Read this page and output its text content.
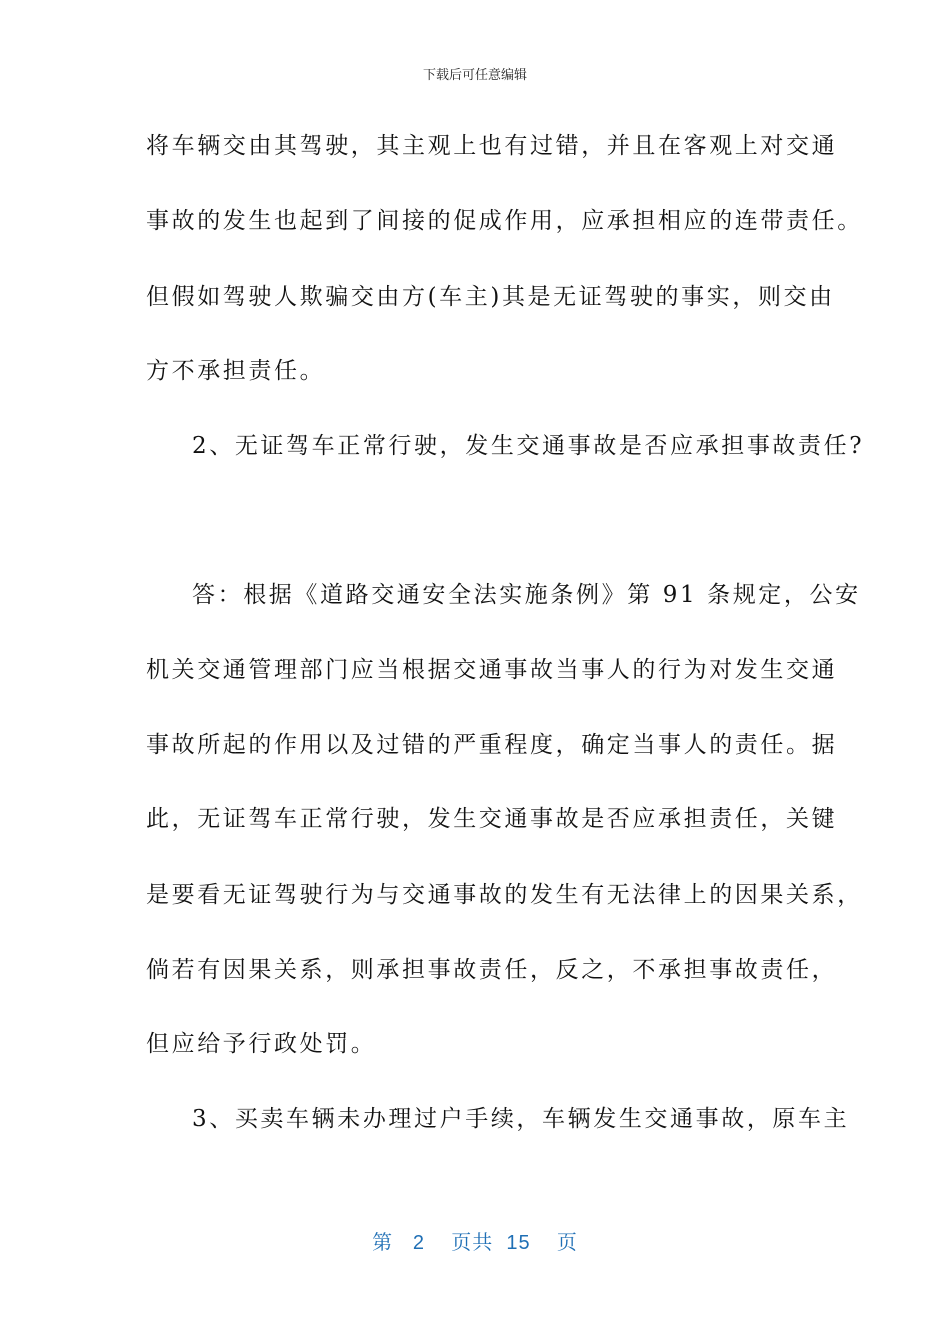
下载后可任意编辑
将车辆交由其驾驶，其主观上也有过错，并且在客观上对交通
事故的发生也起到了间接的促成作用，应承担相应的连带责任。
但假如驾驶人欺骗交由方(车主)其是无证驾驶的事实，则交由
方不承担责任。
2、无证驾车正常行驶，发生交通事故是否应承担事故责任?
答：根据《道路交通安全法实施条例》第 91 条规定，公安
机关交通管理部门应当根据交通事故当事人的行为对发生交通
事故所起的作用以及过错的严重程度，确定当事人的责任。据
此，无证驾车正常行驶，发生交通事故是否应承担责任，关键
是要看无证驾驶行为与交通事故的发生有无法律上的因果关系，
倘若有因果关系，则承担事故责任，反之，不承担事故责任，
但应给予行政处罚。
3、买卖车辆未办理过户手续，车辆发生交通事故，原车主
第 2 页共 15 页
